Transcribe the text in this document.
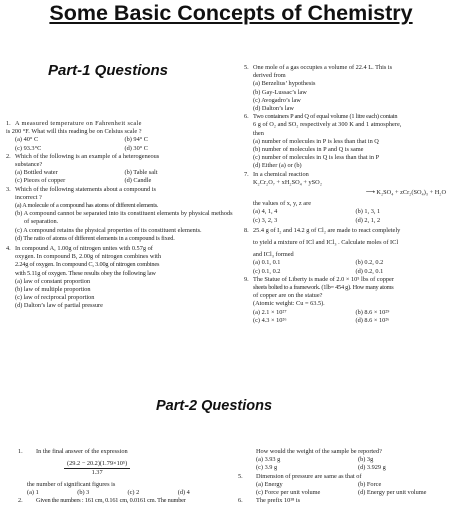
Some Basic Concepts of Chemistry
Part-1 Questions
1. A measured temperature on Fahrenheit scale
is 200 °F. What will this reading be on Celsius scale ?
(a) 40° C	(b) 94° C
(c) 93.3°C	(d) 30° C
2. Which of the following is an example of a heterogeneous
substance?
(a) Bottled water	(b) Table salt
(c) Pieces of copper	(d) Candle
3. Which of the following statements about a compound is
incorrect ?
(a) A molecule of a compound has atoms of different elements.
(b) A compound cannot be separated into its constituent elements by physical methods of separation.
(c) A compound retains the physical properties of its constituent elements.
(d) The ratio of atoms of different elements in a compound is fixed.
4. In compound A, 1.00g of nitrogen unites with 0.57g of
oxygen. In compound B, 2.00g of nitrogen combines with
2.24g of oxygen. In compound C, 3.00g of nitrogen combines
with 5.11g of oxygen. These results obey the following law
(a) law of constant proportion
(b) law of multiple proportion
(c) law of reciprocal proportion
(d) Dalton’s law of partial pressure
5. One mole of a gas occupies a volume of 22.4 L. This is
derived from
(a) Berzelius’ hypothesis
(b) Gay-Lussac’s law
(c) Avogadro’s law
(d) Dalton’s law
6. Two containers P and Q of equal volume (1 litre each) contain
6 g of O₂ and SO₂ respectively at 300 K and 1 atmosphere,
then
(a) number of molecules in P is less than that in Q
(b) number of molecules in P and Q is same
(c) number of molecules in Q is less than that in P
(d) Either (a) or (b)
7. In a chemical reaction
K₂Cr₂O₇ + xH₂SO₄ + ySO₂
⟶ K₂SO₄ + zCr₂(SO₄)₃ + H₂O
the values of x, y, z are
(a) 4, 1, 4	(b) 1, 3, 1
(c) 3, 2, 3	(d) 2, 1, 2
8. 25.4 g of I₂ and 14.2 g of Cl₂ are made to react completely
to yield a mixture of ICl and ICl₃ . Calculate moles of ICl
and ICl₃ formed
(a) 0.1, 0.1	(b) 0.2, 0.2
(c) 0.1, 0.2	(d) 0.2, 0.1
9. The Statue of Liberty is made of 2.0 × 10⁵ lbs of copper
sheets bolted to a framework. (1lb= 454 g). How many atoms
of copper are on the statue?
(Atomic weight: Cu = 63.5).
(a) 2.1 × 10²⁷	(b) 8.6 × 10²⁹
(c) 4.3 × 10²⁶	(d) 8.6 × 10²⁶
Part-2 Questions
1. In the final answer of the expression
$\frac{\text{(29.2 − 20.2)(1.79×10⁵)}}{1.37}$
the number of significant figures is
(a) 1	(b) 3	(c) 2	(d) 4
2. Given the numbers : 161 cm, 0.161 cm, 0.0161 cm. The number
How would the weight of the sample be reported?
(a) 3.93 g	(b) 3g
(c) 3.9 g	(d) 3.929 g
5. Dimension of pressure are same as that of
(a) Energy	(b) Force
(c) Force per unit volume	(d) Energy per unit volume
6. The prefix 10¹⁸ is
